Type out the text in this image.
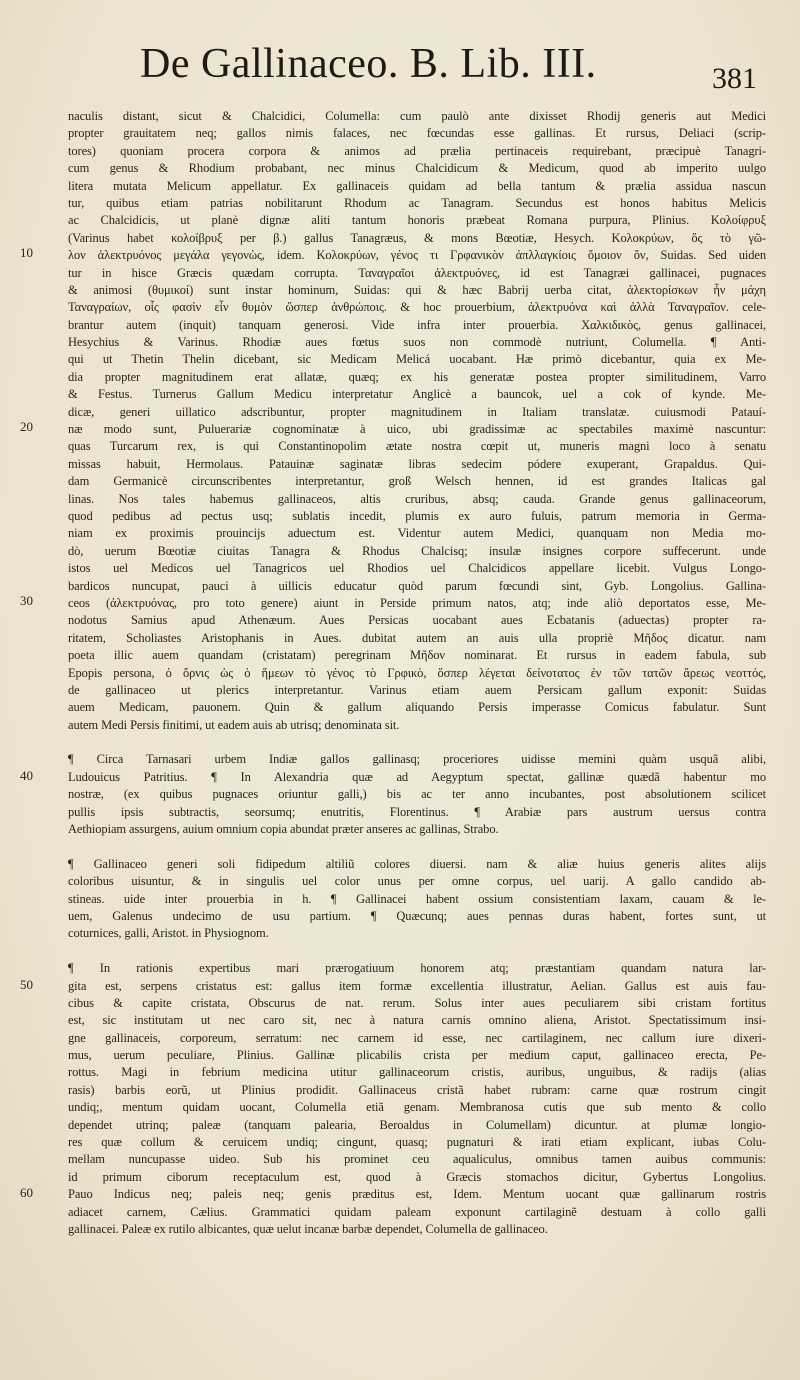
De Gallinaceo. B. Lib. III.	381
10
20
30
40
50
60
naculis distant, sicut & Chalcidici, Columella: cum paulò ante dixisset Rhodij generis aut Medici
propter grauitatem neq; gallos nimis falaces, nec fœcundas esse gallinas. Et rursus, Deliaci (scrip-
tores) quoniam procera corpora & animos ad prælia pertinaceis requirebant, præcipuè Tanagri-
cum genus & Rhodium probabant, nec minus Chalcidicum & Medicum, quod ab imperito uulgo
litera mutata Melicum appellatur. Ex gallinaceis quidam ad bella tantum & prælia assidua nascun
tur, quibus etiam patrias nobilitarunt Rhodum ac Tanagram. Secundus est honos habitus Melicis
ac Chalcidicis, ut planè dignæ aliti tantum honoris præbeat Romana purpura, Plinius. Κολοίφρυξ
(Varinus habet κολοίβρυξ per β.) gallus Tanagræus, & mons Bœotiæ, Hesych. Κολοκρύων, ὅς τὸ γῶ-
λον ἀλεκτρυόνος μεγάλα γεγονὼς, idem. Κολοκρύων, γένος τι Γρφανικὸν ἀπλλαγκίοις ὅμοιον ὄν, Suidas. Sed uiden
tur in hisce Græcis quædam corrupta. Ταναγραῖοι ἀλεκτρυόνες, id est Tanagræi gallinacei, pugnaces
& animosi (θυμικοί) sunt instar hominum, Suidas: qui & hæc Babrij uerba citat, ἀλεκτορίσκων ἦν μάχη
Ταναγραίων, οἷς φασὶν εἶν θυμὸν ὥσπερ ἀνθρώποις. & hoc prouerbium, ἀλεκτρυόνα καὶ ἀλλὰ Ταναγραῖον. cele-
brantur autem (inquit) tanquam generosi. Vide infra inter prouerbia. Χαλκιδικὸς, genus gallinacei,
Hesychius & Varinus. Rhodiæ aues fœtus suos non commodè nutriunt, Columella. ¶ Anti-
qui ut Thetin Thelin dicebant, sic Medicam Melicá uocabant. Hæ primò dicebantur, quia ex Me-
dia propter magnitudinem erat allatæ, quæq; ex his generatæ postea propter similitudinem, Varro
& Festus. Turnerus Gallum Medicu interpretatur Anglicè a bauncok, uel a cok of kynde. Me-
dicæ, generi uillatico adscribuntur, propter magnitudinem in Italiam translatæ. cuiusmodi Patauí-
næ modo sunt, Puluerariæ cognominatæ à uico, ubi gradissimæ ac spectabiles maximè nascuntur:
quas Turcarum rex, is qui Constantinopolim ætate nostra cœpit ut, muneris magni loco à senatu
missas habuit, Hermolaus. Patauinæ saginatæ libras sedecim pódere exuperant, Grapaldus. Qui-
dam Germanicè circunscribentes interpretantur, groß Welsch hennen, id est grandes Italicas gal
linas. Nos tales habemus gallinaceos, altis cruribus, absq; cauda. Grande genus gallinaceorum,
quod pedibus ad pectus usq; sublatis incedit, plumis ex auro fuluis, patrum memoria in Germa-
niam ex proximis prouincijs aduectum est. Videntur autem Medici, quanquam non Media mo-
dò, uerum Bœotiæ ciuitas Tanagra & Rhodus Chalcisq; insulæ insignes corpore suffecerunt. unde
istos uel Medicos uel Tanagricos uel Rhodios uel Chalcidicos appellare licebit. Vulgus Longo-
bardicos nuncupat, pauci à uillicis educatur quòd parum fœcundi sint, Gyb. Longolius. Gallina-
ceos (ἀλεκτρυόνας, pro toto genere) aiunt in Perside primum natos, atq; inde aliò deportatos esse, Me-
nodotus Samius apud Athenæum. Aues Persicas uocabant aues Ecbatanis (aduectas) propter ra-
ritatem, Scholiastes Aristophanis in Aues. dubitat autem an auis ulla propriè Μῆδος dicatur. nam
poeta illic auem quandam (cristatam) peregrinam Μῆδον nominarat. Et rursus in eadem fabula, sub
Epopis persona, ὁ ὄρνις ὡς ὁ ἥμεων τὸ γένος τὸ Γρφικὸ, ὅσπερ λέγεται δείνοτατος ἐν τῶν τατῶν ἄρεως νεοττός,
de gallinaceo ut plerics interpretantur. Varinus etiam auem Persicam gallum exponit: Suidas
auem Medicam, pauonem. Quin & gallum aliquando Persis imperasse Comicus fabulatur. Sunt
autem Medi Persis finitimi, ut eadem auis ab utrisq; denominata sit.
¶ Circa Tarnasari urbem Indiæ gallos gallinasq; proceriores uidisse memini quàm usquã alibi,
Ludouicus Patritius. ¶ In Alexandria quæ ad Aegyptum spectat, gallinæ quædã habentur mo
nostræ, (ex quibus pugnaces oriuntur galli,) bis ac ter anno incubantes, post absolutionem scilicet
pullis ipsis subtractis, seorsumq; enutritis, Florentinus. ¶ Arabiæ pars austrum uersus contra
Aethiopiam assurgens, auium omnium copia abundat præter anseres ac gallinas, Strabo.
¶ Gallinaceo generi soli fidipedum altiliũ colores diuersi. nam & aliæ huius generis alites alijs
coloribus uisuntur, & in singulis uel color unus per omne corpus, uel uarij. A gallo candido ab-
stineas. uide inter prouerbia in h. ¶ Gallinacei habent ossium consistentiam laxam, cauam & le-
uem, Galenus undecimo de usu partium. ¶ Quæcunq; aues pennas duras habent, fortes sunt, ut
coturnices, galli, Aristot. in Physiognom.
¶ In rationis expertibus mari prærogatiuum honorem atq; præstantiam quandam natura lar-
gita est, serpens cristatus est: gallus item formæ excellentia illustratur, Aelian. Gallus est auis fau-
cibus & capite cristata, Obscurus de nat. rerum. Solus inter aues peculiarem sibi cristam fortitus
est, sic institutam ut nec caro sit, nec à natura carnis omnino aliena, Aristot. Spectatissimum insi-
gne gallinaceis, corporeum, serratum: nec carnem id esse, nec cartilaginem, nec callum iure dixeri-
mus, uerum peculiare, Plinius. Gallinæ plicabilis crista per medium caput, gallinaceo erecta, Pe-
rottus. Magi in febrium medicina utitur gallinaceorum cristis, auribus, unguibus, & radijs (alias
rasis) barbis eorũ, ut Plinius prodidit. Gallinaceus cristã habet rubram: carne quæ rostrum cingit
undiq;, mentum quidam uocant, Columella etiã genam. Membranosa cutis que sub mento & collo
dependet utrinq; paleæ (tanquam palearia, Beroaldus in Columellam) dicuntur. at plumæ longio-
res quæ collum & ceruicem undiq; cingunt, quasq; pugnaturi & irati etiam explicant, iubas Colu-
mellam nuncupasse uideo. Sub his prominet ceu aqualiculus, omnibus tamen auibus communis:
id primum ciborum receptaculum est, quod à Græcis stomachos dicitur, Gybertus Longolius.
Pauo Indicus neq; paleis neq; genis præditus est, Idem. Mentum uocant quæ gallinarum rostris
adiacet carnem, Cælius. Grammatici quidam paleam exponunt cartilaginẽ destuam à collo galli
gallinacei. Paleæ ex rutilo albicantes, quæ uelut incanæ barbæ dependet, Columella de gallinaceo.
